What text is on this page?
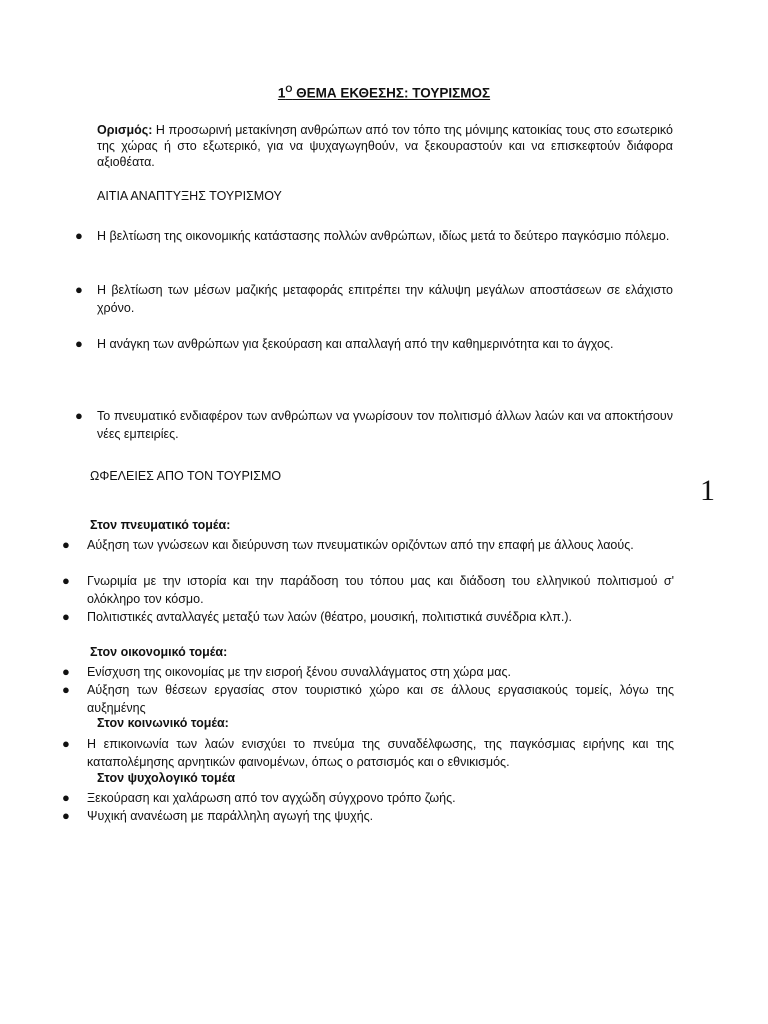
$1^O$ ΘΕΜΑ ΕΚΘΕΣΗΣ: ΤΟΥΡΙΣΜΟΣ
Ορισμός: Η προσωρινή μετακίνηση ανθρώπων από τον τόπο της μόνιμης κατοικίας τους στο εσωτερικό της χώρας ή στο εξωτερικό, για να ψυχαγωγηθούν, να ξεκουραστούν και να επισκεφτούν διάφορα αξιοθέατα.
ΑΙΤΙΑ ΑΝΑΠΤΥΞΗΣ ΤΟΥΡΙΣΜΟΥ
● Η βελτίωση της οικονομικής κατάστασης πολλών ανθρώπων, ιδίως μετά το δεύτερο παγκόσμιο πόλεμο.
● Η βελτίωση των μέσων μαζικής μεταφοράς επιτρέπει την κάλυψη μεγάλων αποστάσεων σε ελάχιστο χρόνο.
● Η ανάγκη των ανθρώπων για ξεκούραση και απαλλαγή από την καθημερινότητα και το άγχος.
● Το πνευματικό ενδιαφέρον των ανθρώπων να γνωρίσουν τον πολιτισμό άλλων λαών και να αποκτήσουν νέες εμπειρίες.
ΩΦΕΛΕΙΕΣ ΑΠΟ ΤΟΝ ΤΟΥΡΙΣΜΟ	1
Στον πνευματικό τομέα:
● Αύξηση των γνώσεων και διεύρυνση των πνευματικών οριζόντων από την επαφή με άλλους λαούς.
● Γνωριμία με την ιστορία και την παράδοση του τόπου μας και διάδοση του ελληνικού πολιτισμού σ' ολόκληρο τον κόσμο.
● Πολιτιστικές ανταλλαγές μεταξύ των λαών (θέατρο, μουσική, πολιτιστικά συνέδρια κλπ.).
Στον οικονομικό τομέα:
● Ενίσχυση της οικονομίας με την εισροή ξένου συναλλάγματος στη χώρα μας.
● Αύξηση των θέσεων εργασίας στον τουριστικό χώρο και σε άλλους εργασιακούς τομείς, λόγω της αυξημένης
Στον κοινωνικό τομέα:
● Η επικοινωνία των λαών ενισχύει το πνεύμα της συναδέλφωσης, της παγκόσμιας ειρήνης και της καταπολέμησης αρνητικών φαινομένων, όπως ο ρατσισμός και ο εθνικισμός.
Στον ψυχολογικό τομέα
● Ξεκούραση και χαλάρωση από τον αγχώδη σύγχρονο τρόπο ζωής.
● Ψυχική ανανέωση με παράλληλη αγωγή της ψυχής.
